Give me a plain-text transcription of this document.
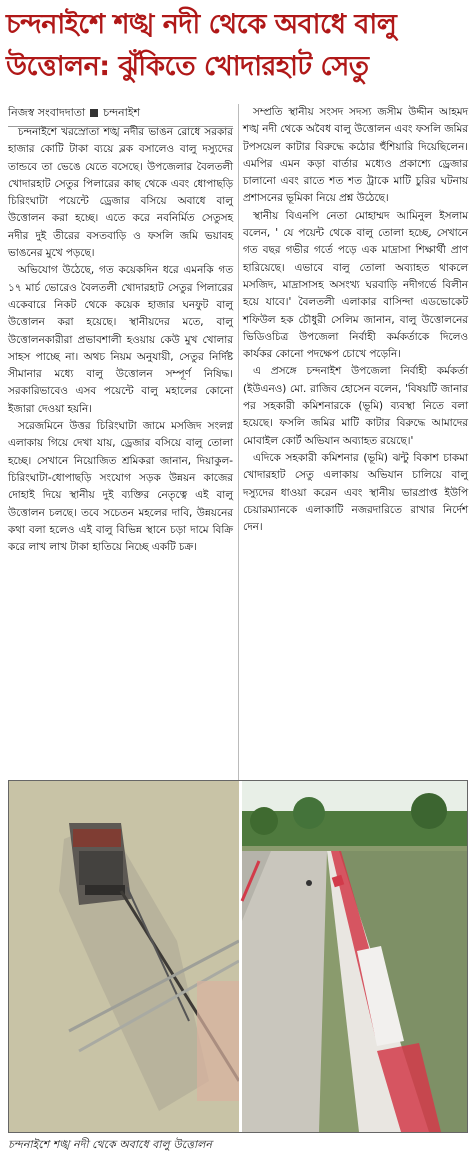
চন্দনাইশে শঙ্খ নদী থেকে অবাধে বালু উত্তোলন: ঝুঁকিতে খোদারহাট সেতু
নিজস্ব সংবাদদাতা চন্দনাইশ

চন্দনাইশে খরস্রোতা শঙ্খ নদীর ভাঙন রোধে সরকার হাজার কোটি টাকা ব্যয়ে ব্লক বসালেও বালু দস্যুদের তান্ডবে তা ভেঙে যেতে বসেছে। উপজেলার বৈলতলী খোদারহাট সেতুর পিলারের কাছ থেকে এবং ধোপাছড়ি চিরিংঘাটা পয়েন্টে ড্রেজার বসিয়ে অবাধে বালু উত্তোলন করা হচ্ছে। এতে করে নবনির্মিত সেতুসহ নদীর দুই তীরের বসতবাড়ি ও ফসলি জমি ভয়াবহ ভাঙনের মুখে পড়ছে।

অভিযোগ উঠেছে, গত কয়েকদিন ধরে এমনকি গত ১৭ মার্চ ভোরেও বৈলতলী খোদারহাট সেতুর পিলারের একেবারে নিকট থেকে কয়েক হাজার ঘনফুট বালু উত্তোলন করা হয়েছে। স্থানীয়দের মতে, বালু উত্তোলনকারীরা প্রভাবশালী হওয়ায় কেউ মুখ খোলার সাহস পাচ্ছে না। অথচ নিয়ম অনুযায়ী, সেতুর নির্দিষ্ট সীমানার মধ্যে বালু উত্তোলন সম্পূর্ণ নিষিদ্ধ। সরকারিভাবেও এসব পয়েন্টে বালু মহালের কোনো ইজারা দেওয়া হয়নি।

সরেজমিনে উত্তর চিরিংঘাটা জামে মসজিদ সংলগ্ন এলাকায় গিয়ে দেখা যায়, ড্রেজার বসিয়ে বালু তোলা হচ্ছে। সেখানে নিয়োজিত শ্রমিকরা জানান, দিয়াকুল-চিরিংঘাটা-ধোপাছড়ি সংযোগ সড়ক উন্নয়ন কাজের দোহাই দিয়ে স্থানীয় দুই ব্যক্তির নেতৃত্বে এই বালু উত্তোলন চলছে। তবে সচেতন মহলের দাবি, উন্নয়নের কথা বলা হলেও এই বালু বিভিন্ন স্থানে চড়া দামে বিক্রি করে লাখ লাখ টাকা হাতিয়ে নিচ্ছে একটি চক্র।

সম্প্রতি স্থানীয় সংসদ সদস্য জসীম উদ্দীন আহমদ শঙ্খ নদী থেকে অবৈধ বালু উত্তোলন এবং ফসলি জমির টপসয়েল কাটার বিরুদ্ধে কঠোর হুঁশিয়ারি দিয়েছিলেন। এমপির এমন কড়া বার্তার মধ্যেও প্রকাশ্যে ড্রেজার চালানো এবং রাতে শত শত ট্রাকে মাটি চুরির ঘটনায় প্রশাসনের ভূমিকা নিয়ে প্রশ্ন উঠেছে।

স্থানীয় বিএনপি নেতা মোহাম্মদ আমিনুল ইসলাম বলেন, ' যে পয়েন্ট থেকে বালু তোলা হচ্ছে, সেখানে গত বছর গভীর গর্তে পড়ে এক মাদ্রাসা শিক্ষার্থী প্রাণ হারিয়েছে। এভাবে বালু তোলা অব্যাহত থাকলে মসজিদ, মাদ্রাসাসহ অসংখ্য ঘরবাড়ি নদীগর্ভে বিলীন হয়ে যাবে।' বৈলতলী এলাকার বাসিন্দা এডভোকেট শফিউল হক চৌধুরী সেলিম জানান, বালু উত্তোলনের ভিডিওচিত্র উপজেলা নির্বাহী কর্মকর্তাকে দিলেও কার্যকর কোনো পদক্ষেপ চোখে পড়েনি।

এ প্রসঙ্গে চন্দনাইশ উপজেলা নির্বাহী কর্মকর্তা (ইউএনও) মো. রাজিব হোসেন বলেন, 'বিষয়টি জানার পর সহকারী কমিশনারকে (ভূমি) ব্যবস্থা নিতে বলা হয়েছে। ফসলি জমির মাটি কাটার বিরুদ্ধে আমাদের মোবাইল কোর্ট অভিযান অব্যাহত রয়েছে।'

এদিকে সহকারী কমিশনার (ভূমি) ঝন্টু বিকাশ চাকমা খোদারহাট সেতু এলাকায় অভিযান চালিয়ে বালু দস্যুদের ধাওয়া করেন এবং স্থানীয় ভারপ্রাপ্ত ইউপি চেয়ারম্যানকে এলাকাটি নজরদারিতে রাখার নির্দেশ দেন।

চন্দনাইশে শঙ্খ নদী থেকে অবাধে বালু উত্তোলন
